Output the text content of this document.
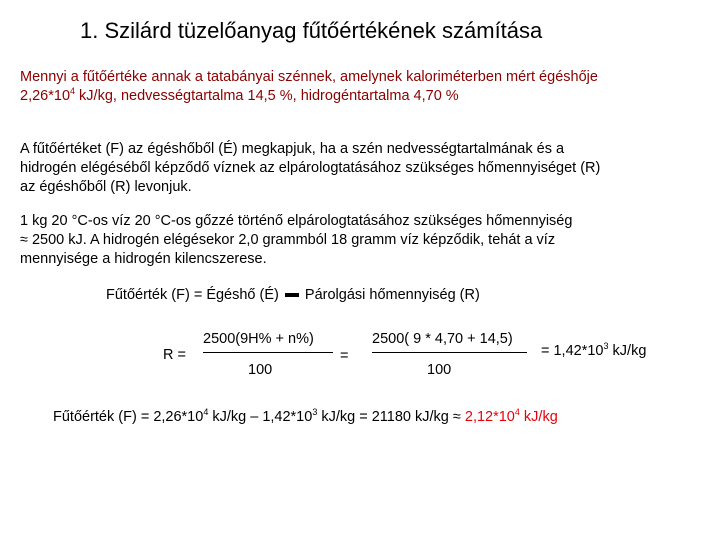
1. Szilárd tüzelőanyag fűtőértékének számítása
Mennyi a fűtőértéke annak a tatabányai szénnek, amelynek kaloriméterben mért égéshője
$2,26*10^4$ kJ/kg, nedvességtartalma 14,5 %, hidrogéntartalma 4,70 %
A fűtőértéket (F) az égéshőből (É) megkapjuk, ha a szén nedvességtartalmának és a
hidrogén elégéséből képződő víznek az elpárologtatásához szükséges hőmennyiséget (R)
az égéshőből (R) levonjuk.
1 kg 20 °C-os víz 20 °C-os gőzzé történő elpárologtatásához szükséges hőmennyiség
≈ 2500 kJ. A hidrogén elégésekor 2,0 grammból 18 gramm víz képződik, tehát a víz
mennyisége a hidrogén kilencszerese.
Fűtőérték (F) = Égéshő (É)  Párolgási hőmennyiség (R)
R =
2500(9H% + n%)
100
=
2500( 9 * 4,70 + 14,5)
100
= $1,42*10^3$ kJ/kg
Fűtőérték $(F) = 2,26*10^4$ $kJ/kg - 1,42*10^3$ kJ/kg = 21180 $kJ/kg \approx 2,12*10^4$ kJ/kg
